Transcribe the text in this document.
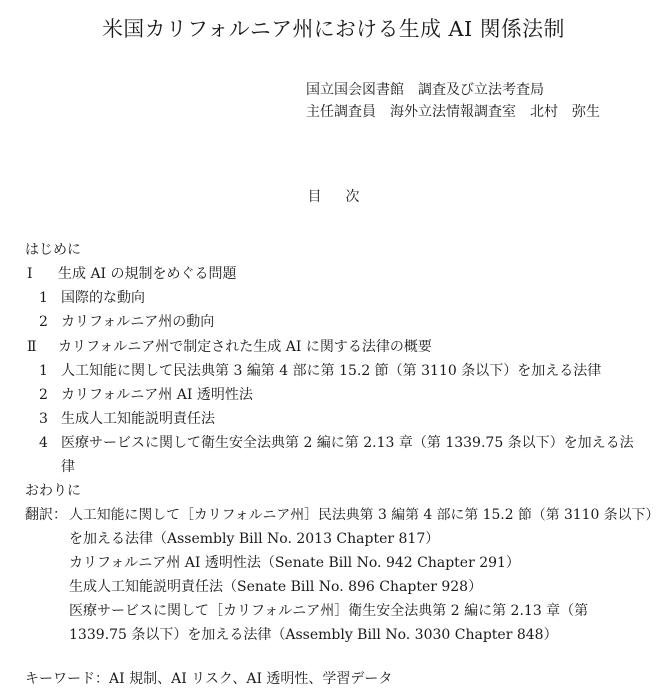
米国カリフォルニア州における生成 AI 関係法制
国立国会図書館　調査及び立法考査局
主任調査員　海外立法情報調査室　北村　弥生
目次
はじめに
Ⅰ 生成 AI の規制をめぐる問題
1 国際的な動向
2 カリフォルニア州の動向
Ⅱ カリフォルニア州で制定された生成 AI に関する法律の概要
1 人工知能に関して民法典第 3 編第 4 部に第 15.2 節（第 3110 条以下）を加える法律
2 カリフォルニア州 AI 透明性法
3 生成人工知能説明責任法
4 医療サービスに関して衛生安全法典第 2 編に第 2.13 章（第 1339.75 条以下）を加える法
律
おわりに
翻訳： 人工知能に関して［カリフォルニア州］民法典第 3 編第 4 部に第 15.2 節（第 3110 条以下）
を加える法律（Assembly Bill No. 2013 Chapter 817）
カリフォルニア州 AI 透明性法（Senate Bill No. 942 Chapter 291）
生成人工知能説明責任法（Senate Bill No. 896 Chapter 928）
医療サービスに関して［カリフォルニア州］衛生安全法典第 2 編に第 2.13 章（第
1339.75 条以下）を加える法律（Assembly Bill No. 3030 Chapter 848）
キーワード：AI 規制、AI リスク、AI 透明性、学習データ
